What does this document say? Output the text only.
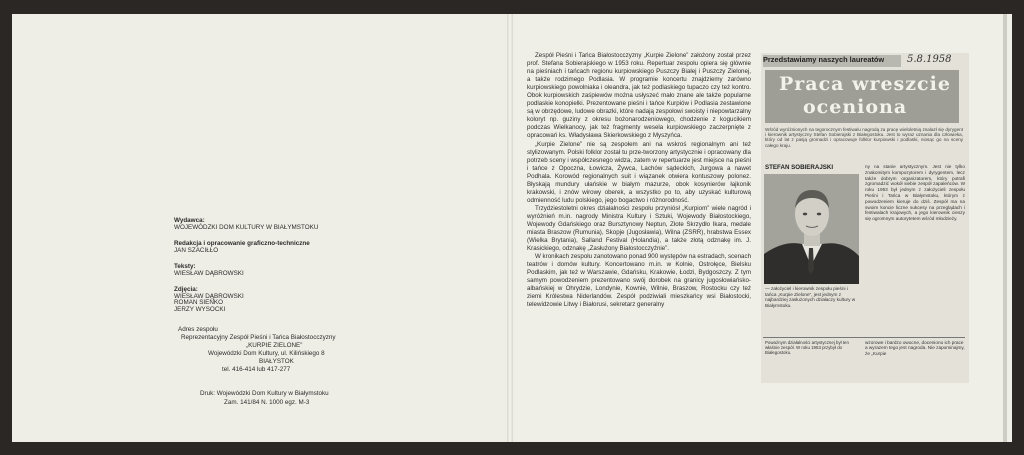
Wydawca:
WOJEWÓDZKI DOM KULTURY W BIAŁYMSTOKU
Redakcja i opracowanie graficzno-techniczne
JAN SZACIŁŁO
Teksty:
WIESŁAW DĄBROWSKI
Zdjęcia:
WIESŁAW DĄBROWSKI
ROMAN SIEŃKO
JERZY WYSOCKI
Adres zespołu
Reprezentacyjny Zespół Pieśni i Tańca Białostocczyzny
„KURPIE ZIELONE”
Wojewódzki Dom Kultury, ul. Kilińskiego 8
BIAŁYSTOK
tel. 416-414 lub 417-277
Druk: Wojewódzki Dom Kultury w Białymstoku
Zam. 141/84 N. 1000 egz. M-3

Zespół Pieśni i Tańca Białostocczyzny „Kurpie Zielone” założony został przez prof. Stefana Sobierajskiego w 1953 roku. Repertuar zespołu opiera się głównie na pieśniach i tańcach regionu kurpiowskiego Puszczy Białej i Puszczy Zielonej, a także rodzimego Podlasia. W programie koncertu znajdziemy zarówno kurpiowskiego powolniaka i oleandra, jak też podlaskiego tupaczo czy też kontro. Obok kurpiowskich zaśpiewów można usłyszeć mało znane ale także popularne podlaskie konopielki. Prezentowane pieśni i tańce Kurpiów i Podlasia zestawione są w obrzędowe, ludowe obrazki, które nadają zespołowi swoisty i niepowtarzalny koloryt np. guziny z okresu bożonarodzeniowego, chodzenie z kogucikiem podczas Wielkanocy, jak też fragmenty wesela kurpiowskiego zaczerpnięte z opracowań ks. Władysława Skierkowskiego z Myszyńca.

„Kurpie Zielone” nie są zespołem ani na wskroś regionalnym ani też stylizowanym. Polski folklor został tu prze-tworzony artystycznie i opracowany dla potrzeb sceny i współczesnego widza, zatem w repertuarze jest miejsce na pieśni i tańce z Opoczna, Łowicza, Żywca, Lachów sądeckich, Jurgowa a nawet Podhala. Korowód regionalnych suit i wiązanek otwiera kontuszowy polonez. Błyskają mundury ułańskie w białym mazurze, obok kosynierów łajkonik krakowski, i znów wirowy oberek, a wszystko po to, aby uzyskać kulturową odmienność ludu polskiego, jego bogactwo i różnorodność.

Trzydziestoletni okres działalności zespołu przyniósł „Kurpiom” wiele nagród i wyróżnień m.in. nagrody Ministra Kultury i Sztuki, Wojewody Białostockiego, Wojewody Gdańskiego oraz Bursztynowy Neptun, Złote Skrzydło Ikara, medale miasta Braszow (Rumunia), Skopje (Jugosławia), Wilna (ZSRR), hrabstwa Essex (Wielka Brytania), Salland Festival (Holandia), a także złotą odznakę im. J. Krasickiego, odznakę „Zasłużony Białostocczyźnie”.

W kronikach zespołu zanotowano ponad 900 występów na estradach, scenach teatrów i domów kultury. Koncertowano m.in. w Kolnie, Ostrołęce, Bielsku Podlaskim, jak też w Warszawie, Gdańsku, Krakowie, Łodzi, Bydgoszczy. Z tym samym powodzeniem prezentowano swój dorobek na granicy jugosłowiańsko-albańskiej w Ohrydzie, Londynie, Kownie, Wilnie, Braszow, Rostocku czy też ziemi Królestwa Niderlandów. Zespół podziwiali mieszkańcy wsi Białostocki, telewidzowie Litwy i Białorusi, sekretarz generalny

Przedstawiamy naszych laureatów	5.8.1958
Praca wreszcie
oceniona
Wśród wyróżnionych na tegorocznym festiwalu nagrodą za pracę wieloletnią znalazł się dyrygent i kierownik artystyczny Stefan Sobierajski z Białegostoku. Jest to wyraz uznania dla człowieka, który od lat z pasją gromadzi i opracowuje folklor kurpiowski i podlaski, niosąc go na sceny całego kraju.
STEFAN SOBIERAJSKI
— założyciel i kierownik zespołu pieśni i tańca „Kurpie Zielone”, jest jednym z najbardziej zasłużonych działaczy kultury w Białymstoku.
ny na stanie artystycznym. Jest nie tylko znakomitym kompozytorem i dyrygentem, lecz także dobrym organizatorem, który potrafi zgromadzić wokół siebie zespół zapaleńców. W roku 1953 był jednym z założycieli zespołu Pieśni i Tańca w Białymstoku, którym z powodzeniem kieruje do dziś. Zespół ma na swoim koncie liczne sukcesy na przeglądach i festiwalach krajowych, a jego kierownik cieszy się ogromnym autorytetem wśród młodzieży.
Poważnym działalności artystycznej był ten właśnie zespół. W roku 1953 przybył do Białegostoku.
wzorowe i bardzo owocne, doceniono ich prace a wyrazem tego jest nagroda. Nie zapominajmy, że „Kurpie
